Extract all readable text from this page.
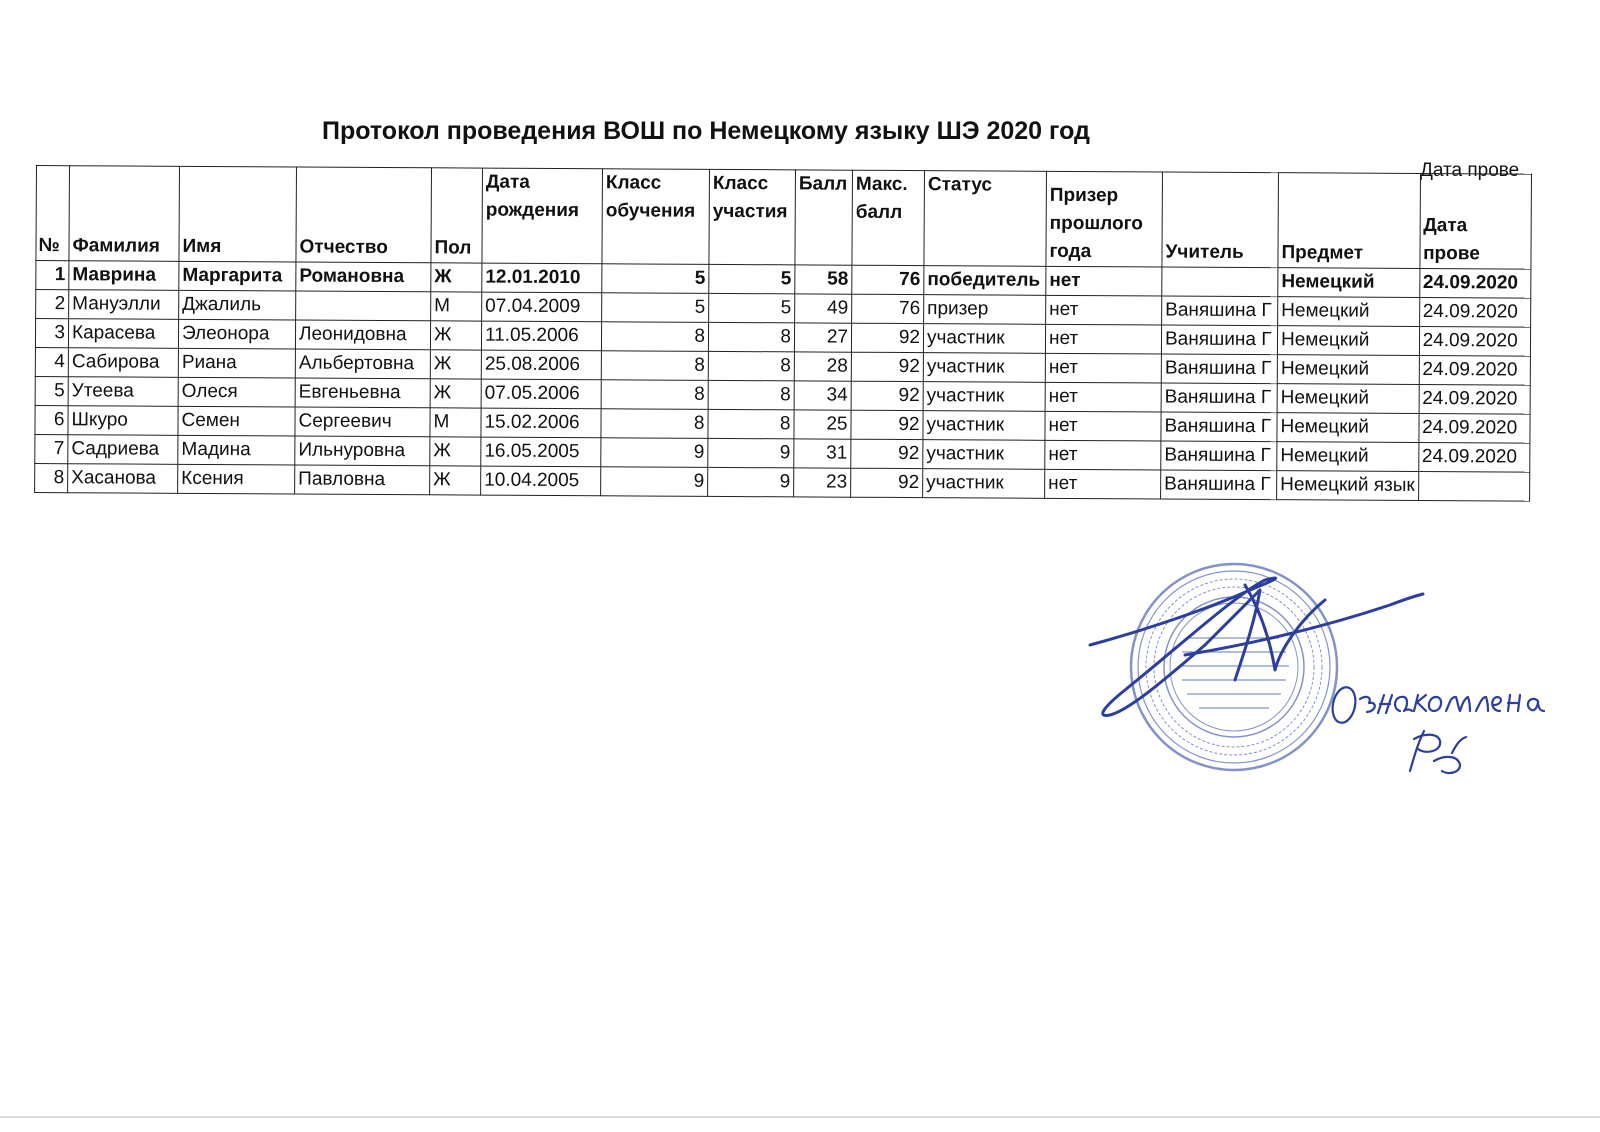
Протокол проведения ВОШ по Немецкому языку ШЭ 2020 год
Дата прове
№	Фамилия	Имя	Отчество	Пол	Дата рождения	Класс обучения	Класс участия	Балл	Макс. балл	Статус	Призер прошлого года	Учитель	Предмет	Дата прове
1	Маврина	Маргарита	Романовна	Ж	12.01.2010	5	5	58	76	победитель	нет		Немецкий	24.09.2020
2	Мануэлли	Джалиль		М	07.04.2009	5	5	49	76	призер	нет	Ваняшина Г	Немецкий	24.09.2020
3	Карасева	Элеонора	Леонидовна	Ж	11.05.2006	8	8	27	92	участник	нет	Ваняшина Г	Немецкий	24.09.2020
4	Сабирова	Риана	Альбертовна	Ж	25.08.2006	8	8	28	92	участник	нет	Ваняшина Г	Немецкий	24.09.2020
5	Утеева	Олеся	Евгеньевна	Ж	07.05.2006	8	8	34	92	участник	нет	Ваняшина Г	Немецкий	24.09.2020
6	Шкуро	Семен	Сергеевич	М	15.02.2006	8	8	25	92	участник	нет	Ваняшина Г	Немецкий	24.09.2020
7	Садриева	Мадина	Ильнуровна	Ж	16.05.2005	9	9	31	92	участник	нет	Ваняшина Г	Немецкий	24.09.2020
8	Хасанова	Ксения	Павловна	Ж	10.04.2005	9	9	23	92	участник	нет	Ваняшина Г	Немецкий язык	
